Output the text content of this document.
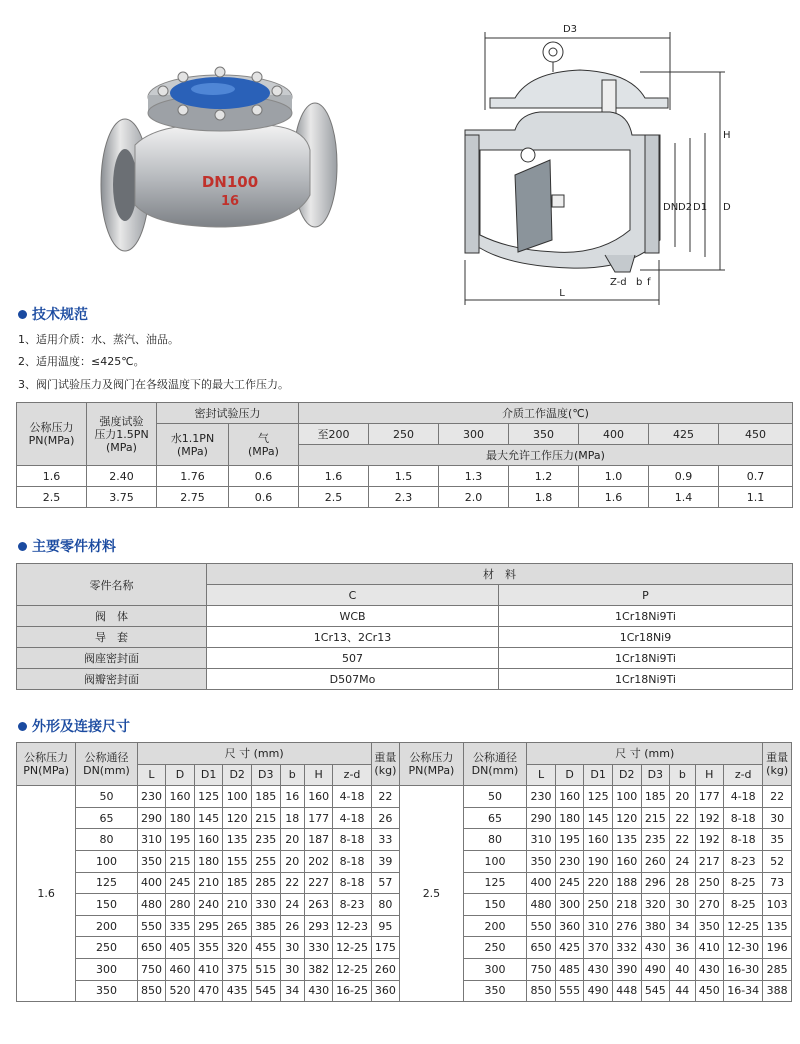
DN100
16
D3
L
H
D
D1
D2
DN
Z-d b f
技术规范
1、适用介质：水、蒸汽、油品。
2、适用温度：≤425℃。
3、阀门试验压力及阀门在各级温度下的最大工作压力。
公称压力
PN(MPa)	强度试验
压力1.5PN
(MPa)	密封试验压力		介质工作温度(℃)						
		水1.1PN
(MPa)	气
(MPa)	至200	250	300	350	400	425	450
				最大允许工作压力(MPa)						
1.6	2.40	1.76	0.6	1.6	1.5	1.3	1.2	1.0	0.9	0.7
2.5	3.75	2.75	0.6	2.5	2.3	2.0	1.8	1.6	1.4	1.1
主要零件材料
零件名称	材　料	
	C	P
阀　体	WCB	1Cr18Ni9Ti
导　套	1Cr13、2Cr13	1Cr18Ni9
阀座密封面	507	1Cr18Ni9Ti
阀瓣密封面	D507Mo	1Cr18Ni9Ti
外形及连接尺寸
公称压力
PN(MPa)	公称通径
DN(mm)	尺 寸 (mm)								重量
(kg)	公称压力
PN(MPa)	公称通径
DN(mm)	尺 寸 (mm)								重量
(kg)
		L	D	D1	D2	D3	b	H	z-d				L	D	D1	D2	D3	b	H	z-d	
1.6	50	230	160	125	100	185	16	160	4-18	22	2.5	50	230	160	125	100	185	20	177	4-18	22
	65	290	180	145	120	215	18	177	4-18	26		65	290	180	145	120	215	22	192	8-18	30
	80	310	195	160	135	235	20	187	8-18	33		80	310	195	160	135	235	22	192	8-18	35
	100	350	215	180	155	255	20	202	8-18	39		100	350	230	190	160	260	24	217	8-23	52
	125	400	245	210	185	285	22	227	8-18	57		125	400	245	220	188	296	28	250	8-25	73
	150	480	280	240	210	330	24	263	8-23	80		150	480	300	250	218	320	30	270	8-25	103
	200	550	335	295	265	385	26	293	12-23	95		200	550	360	310	276	380	34	350	12-25	135
	250	650	405	355	320	455	30	330	12-25	175		250	650	425	370	332	430	36	410	12-30	196
	300	750	460	410	375	515	30	382	12-25	260		300	750	485	430	390	490	40	430	16-30	285
	350	850	520	470	435	545	34	430	16-25	360		350	850	555	490	448	545	44	450	16-34	388
